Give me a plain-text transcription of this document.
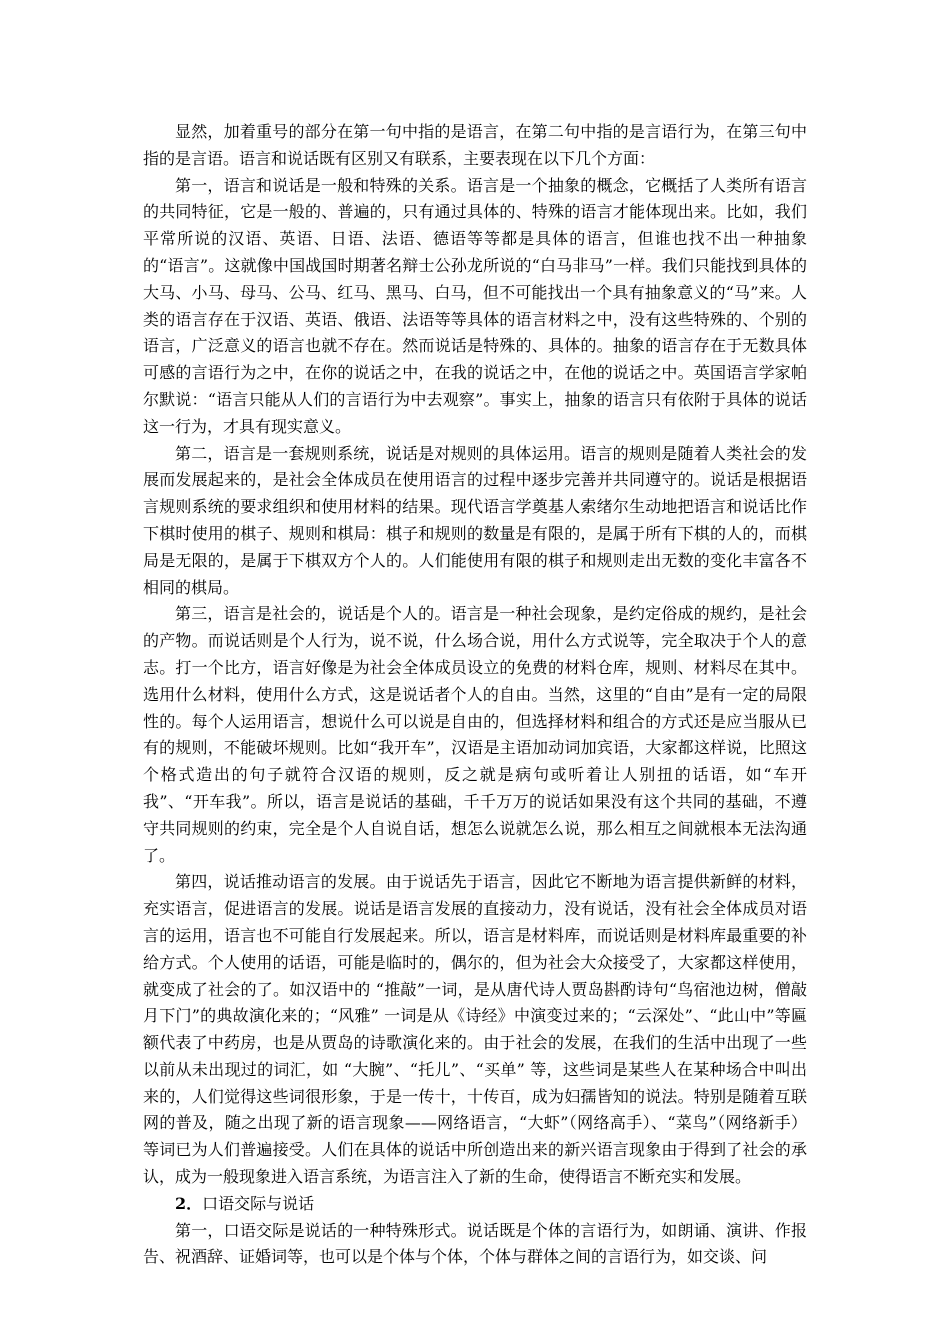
显然，加着重号的部分在第一句中指的是语言，在第二句中指的是言语行为，在第三句中指的是言语。语言和说话既有区别又有联系，主要表现在以下几个方面：

第一，语言和说话是一般和特殊的关系。语言是一个抽象的概念，它概括了人类所有语言的共同特征，它是一般的、普遍的，只有通过具体的、特殊的语言才能体现出来。比如，我们平常所说的汉语、英语、日语、法语、德语等等都是具体的语言，但谁也找不出一种抽象的“语言”。这就像中国战国时期著名辩士公孙龙所说的“白马非马”一样。我们只能找到具体的大马、小马、母马、公马、红马、黑马、白马，但不可能找出一个具有抽象意义的“马”来。人类的语言存在于汉语、英语、俄语、法语等等具体的语言材料之中，没有这些特殊的、个别的语言，广泛意义的语言也就不存在。然而说话是特殊的、具体的。抽象的语言存在于无数具体可感的言语行为之中，在你的说话之中，在我的说话之中，在他的说话之中。英国语言学家帕尔默说：“语言只能从人们的言语行为中去观察”。事实上，抽象的语言只有依附于具体的说话这一行为，才具有现实意义。

第二，语言是一套规则系统，说话是对规则的具体运用。语言的规则是随着人类社会的发展而发展起来的，是社会全体成员在使用语言的过程中逐步完善并共同遵守的。说话是根据语言规则系统的要求组织和使用材料的结果。现代语言学奠基人索绪尔生动地把语言和说话比作下棋时使用的棋子、规则和棋局：棋子和规则的数量是有限的，是属于所有下棋的人的，而棋局是无限的，是属于下棋双方个人的。人们能使用有限的棋子和规则走出无数的变化丰富各不相同的棋局。

第三，语言是社会的，说话是个人的。语言是一种社会现象，是约定俗成的规约，是社会的产物。而说话则是个人行为，说不说，什么场合说，用什么方式说等，完全取决于个人的意志。打一个比方，语言好像是为社会全体成员设立的免费的材料仓库，规则、材料尽在其中。选用什么材料，使用什么方式，这是说话者个人的自由。当然，这里的“自由”是有一定的局限性的。每个人运用语言，想说什么可以说是自由的，但选择材料和组合的方式还是应当服从已有的规则，不能破坏规则。比如“我开车”，汉语是主语加动词加宾语，大家都这样说，比照这个格式造出的句子就符合汉语的规则，反之就是病句或听着让人别扭的话语，如“车开我”、“开车我”。所以，语言是说话的基础，千千万万的说话如果没有这个共同的基础，不遵守共同规则的约束，完全是个人自说自话，想怎么说就怎么说，那么相互之间就根本无法沟通了。

第四，说话推动语言的发展。由于说话先于语言，因此它不断地为语言提供新鲜的材料，充实语言，促进语言的发展。说话是语言发展的直接动力，没有说话，没有社会全体成员对语言的运用，语言也不可能自行发展起来。所以，语言是材料库，而说话则是材料库最重要的补给方式。个人使用的话语，可能是临时的，偶尔的，但为社会大众接受了，大家都这样使用，就变成了社会的了。如汉语中的 “推敲”一词，是从唐代诗人贾岛斟酌诗句“鸟宿池边树，僧敲月下门”的典故演化来的；“风雅” 一词是从《诗经》中演变过来的；“云深处”、“此山中”等匾额代表了中药房，也是从贾岛的诗歌演化来的。由于社会的发展，在我们的生活中出现了一些以前从未出现过的词汇，如 “大腕”、“托儿”、“买单” 等，这些词是某些人在某种场合中叫出来的，人们觉得这些词很形象，于是一传十，十传百，成为妇孺皆知的说法。特别是随着互联网的普及，随之出现了新的语言现象——网络语言，“大虾”（网络高手）、“菜鸟”（网络新手）等词已为人们普遍接受。人们在具体的说话中所创造出来的新兴语言现象由于得到了社会的承认，成为一般现象进入语言系统，为语言注入了新的生命，使得语言不断充实和发展。

2．口语交际与说话

第一，口语交际是说话的一种特殊形式。说话既是个体的言语行为，如朗诵、演讲、作报告、祝酒辞、证婚词等，也可以是个体与个体，个体与群体之间的言语行为，如交谈、问
